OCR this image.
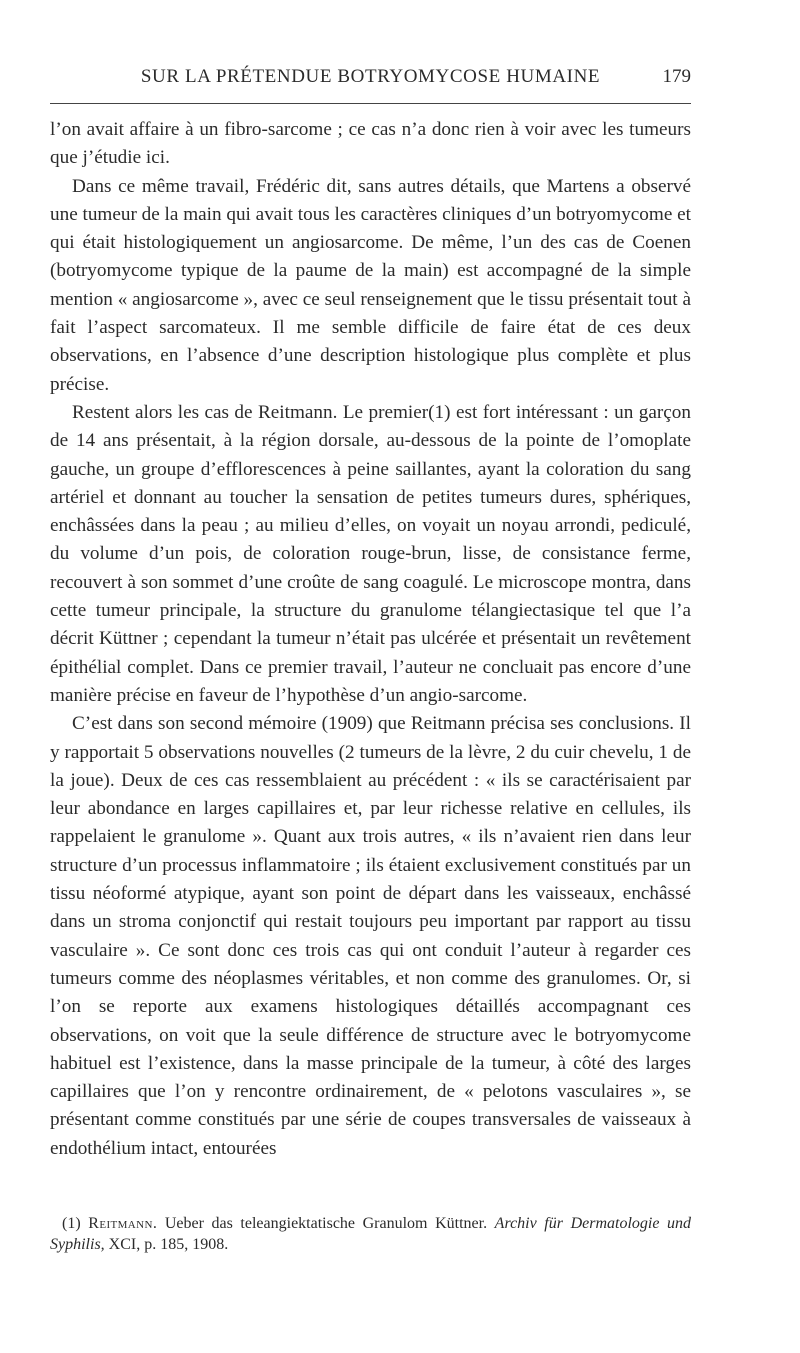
SUR LA PRÉTENDUE BOTRYOMYCOSE HUMAINE	179

l’on avait affaire à un fibro-sarcome ; ce cas n’a donc rien à voir avec les tumeurs que j’étudie ici.

Dans ce même travail, Frédéric dit, sans autres détails, que Martens a observé une tumeur de la main qui avait tous les caractères cliniques d’un botryomycome et qui était histologiquement un angiosarcome. De même, l’un des cas de Coenen (botryomycome typique de la paume de la main) est accompagné de la simple mention « angiosarcome », avec ce seul renseignement que le tissu présentait tout à fait l’aspect sarcomateux. Il me semble difficile de faire état de ces deux observations, en l’absence d’une description histologique plus complète et plus précise.

Restent alors les cas de Reitmann. Le premier(1) est fort intéressant : un garçon de 14 ans présentait, à la région dorsale, au-dessous de la pointe de l’omoplate gauche, un groupe d’efflorescences à peine saillantes, ayant la coloration du sang artériel et donnant au toucher la sensation de petites tumeurs dures, sphériques, enchâssées dans la peau ; au milieu d’elles, on voyait un noyau arrondi, pediculé, du volume d’un pois, de coloration rouge-brun, lisse, de consistance ferme, recouvert à son sommet d’une croûte de sang coagulé. Le microscope montra, dans cette tumeur principale, la structure du granulome télangiectasique tel que l’a décrit Küttner ; cependant la tumeur n’était pas ulcérée et présentait un revêtement épithélial complet. Dans ce premier travail, l’auteur ne concluait pas encore d’une manière précise en faveur de l’hypothèse d’un angio-sarcome.

C’est dans son second mémoire (1909) que Reitmann précisa ses conclusions. Il y rapportait 5 observations nouvelles (2 tumeurs de la lèvre, 2 du cuir chevelu, 1 de la joue). Deux de ces cas ressemblaient au précédent : « ils se caractérisaient par leur abondance en larges capillaires et, par leur richesse relative en cellules, ils rappelaient le granulome ». Quant aux trois autres, « ils n’avaient rien dans leur structure d’un processus inflammatoire ; ils étaient exclusivement constitués par un tissu néoformé atypique, ayant son point de départ dans les vaisseaux, enchâssé dans un stroma conjonctif qui restait toujours peu important par rapport au tissu vasculaire ». Ce sont donc ces trois cas qui ont conduit l’auteur à regarder ces tumeurs comme des néoplasmes véritables, et non comme des granulomes. Or, si l’on se reporte aux examens histologiques détaillés accompagnant ces observations, on voit que la seule différence de structure avec le botryomycome habituel est l’existence, dans la masse principale de la tumeur, à côté des larges capillaires que l’on y rencontre ordinairement, de « pelotons vasculaires », se présentant comme constitués par une série de coupes transversales de vaisseaux à endothélium intact, entourées

(1) Reitmann. Ueber das teleangiektatische Granulom Küttner. Archiv für Dermatologie und Syphilis, XCI, p. 185, 1908.
